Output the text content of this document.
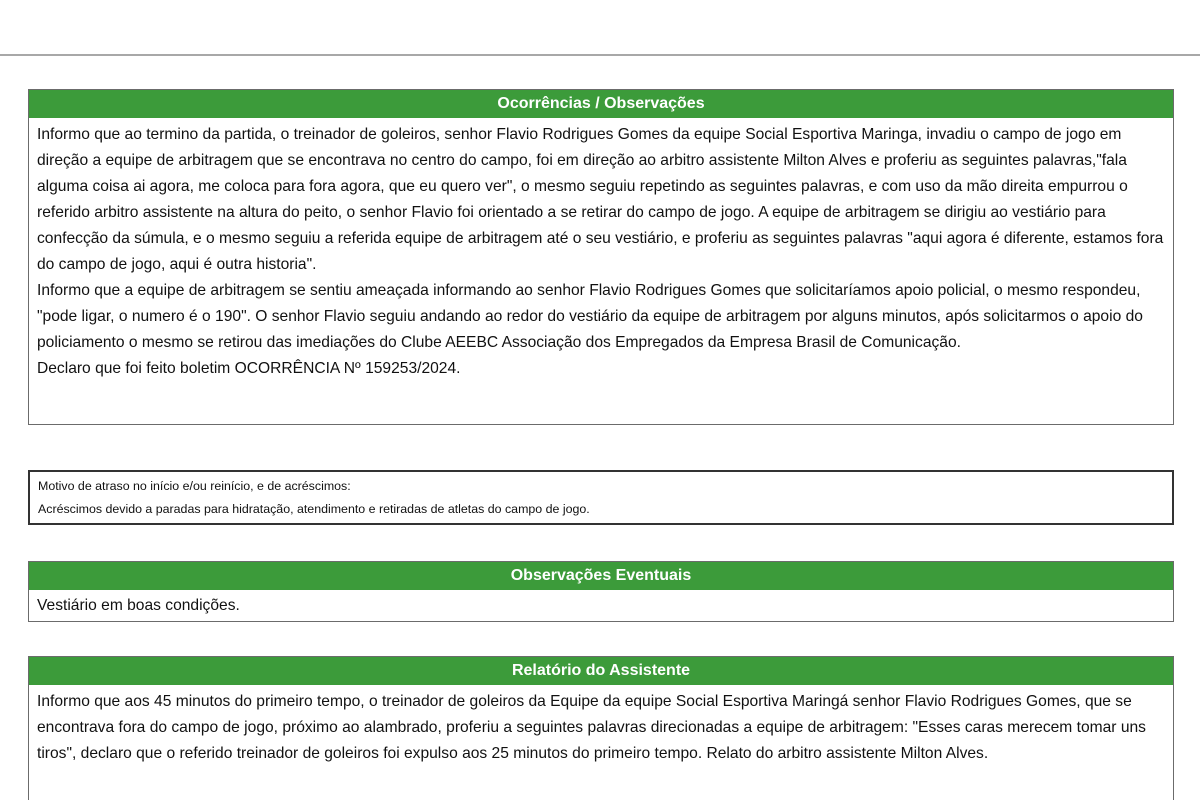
Ocorrências / Observações

Informo que ao termino da partida, o treinador de goleiros, senhor Flavio Rodrigues Gomes da equipe Social Esportiva Maringa, invadiu o campo de jogo em direção a equipe de arbitragem que se encontrava no centro do campo, foi em direção ao arbitro assistente Milton Alves e proferiu as seguintes palavras,"fala alguma coisa ai agora, me coloca para fora agora, que eu quero ver", o mesmo seguiu repetindo as seguintes palavras, e com uso da mão direita empurrou o referido arbitro assistente na altura do peito, o senhor Flavio foi orientado a se retirar do campo de jogo. A equipe de arbitragem se dirigiu ao vestiário para confecção da súmula, e o mesmo seguiu a referida equipe de arbitragem até o seu vestiário, e proferiu as seguintes palavras "aqui agora é diferente, estamos fora do campo de jogo, aqui é outra historia".

Informo que a equipe de arbitragem se sentiu ameaçada informando ao senhor Flavio Rodrigues Gomes que solicitaríamos apoio policial, o mesmo respondeu, "pode ligar, o numero é o 190". O senhor Flavio seguiu andando ao redor do vestiário da equipe de arbitragem por alguns minutos, após solicitarmos o apoio do policiamento o mesmo se retirou das imediações do Clube AEEBC Associação dos Empregados da Empresa Brasil de Comunicação.

Declaro que foi feito boletim OCORRÊNCIA Nº 159253/2024.

Motivo de atraso no início e/ou reinício, e de acréscimos:

Acréscimos devido a paradas para hidratação, atendimento e retiradas de atletas do campo de jogo.

Observações Eventuais

Vestiário em boas condições.

Relatório do Assistente

Informo que aos 45 minutos do primeiro tempo, o treinador de goleiros da Equipe da equipe Social Esportiva Maringá senhor Flavio Rodrigues Gomes, que se encontrava fora do campo de jogo, próximo ao alambrado, proferiu a seguintes palavras direcionadas a equipe de arbitragem: "Esses caras merecem tomar uns tiros", declaro que o referido treinador de goleiros foi expulso aos 25 minutos do primeiro tempo. Relato do arbitro assistente Milton Alves.
